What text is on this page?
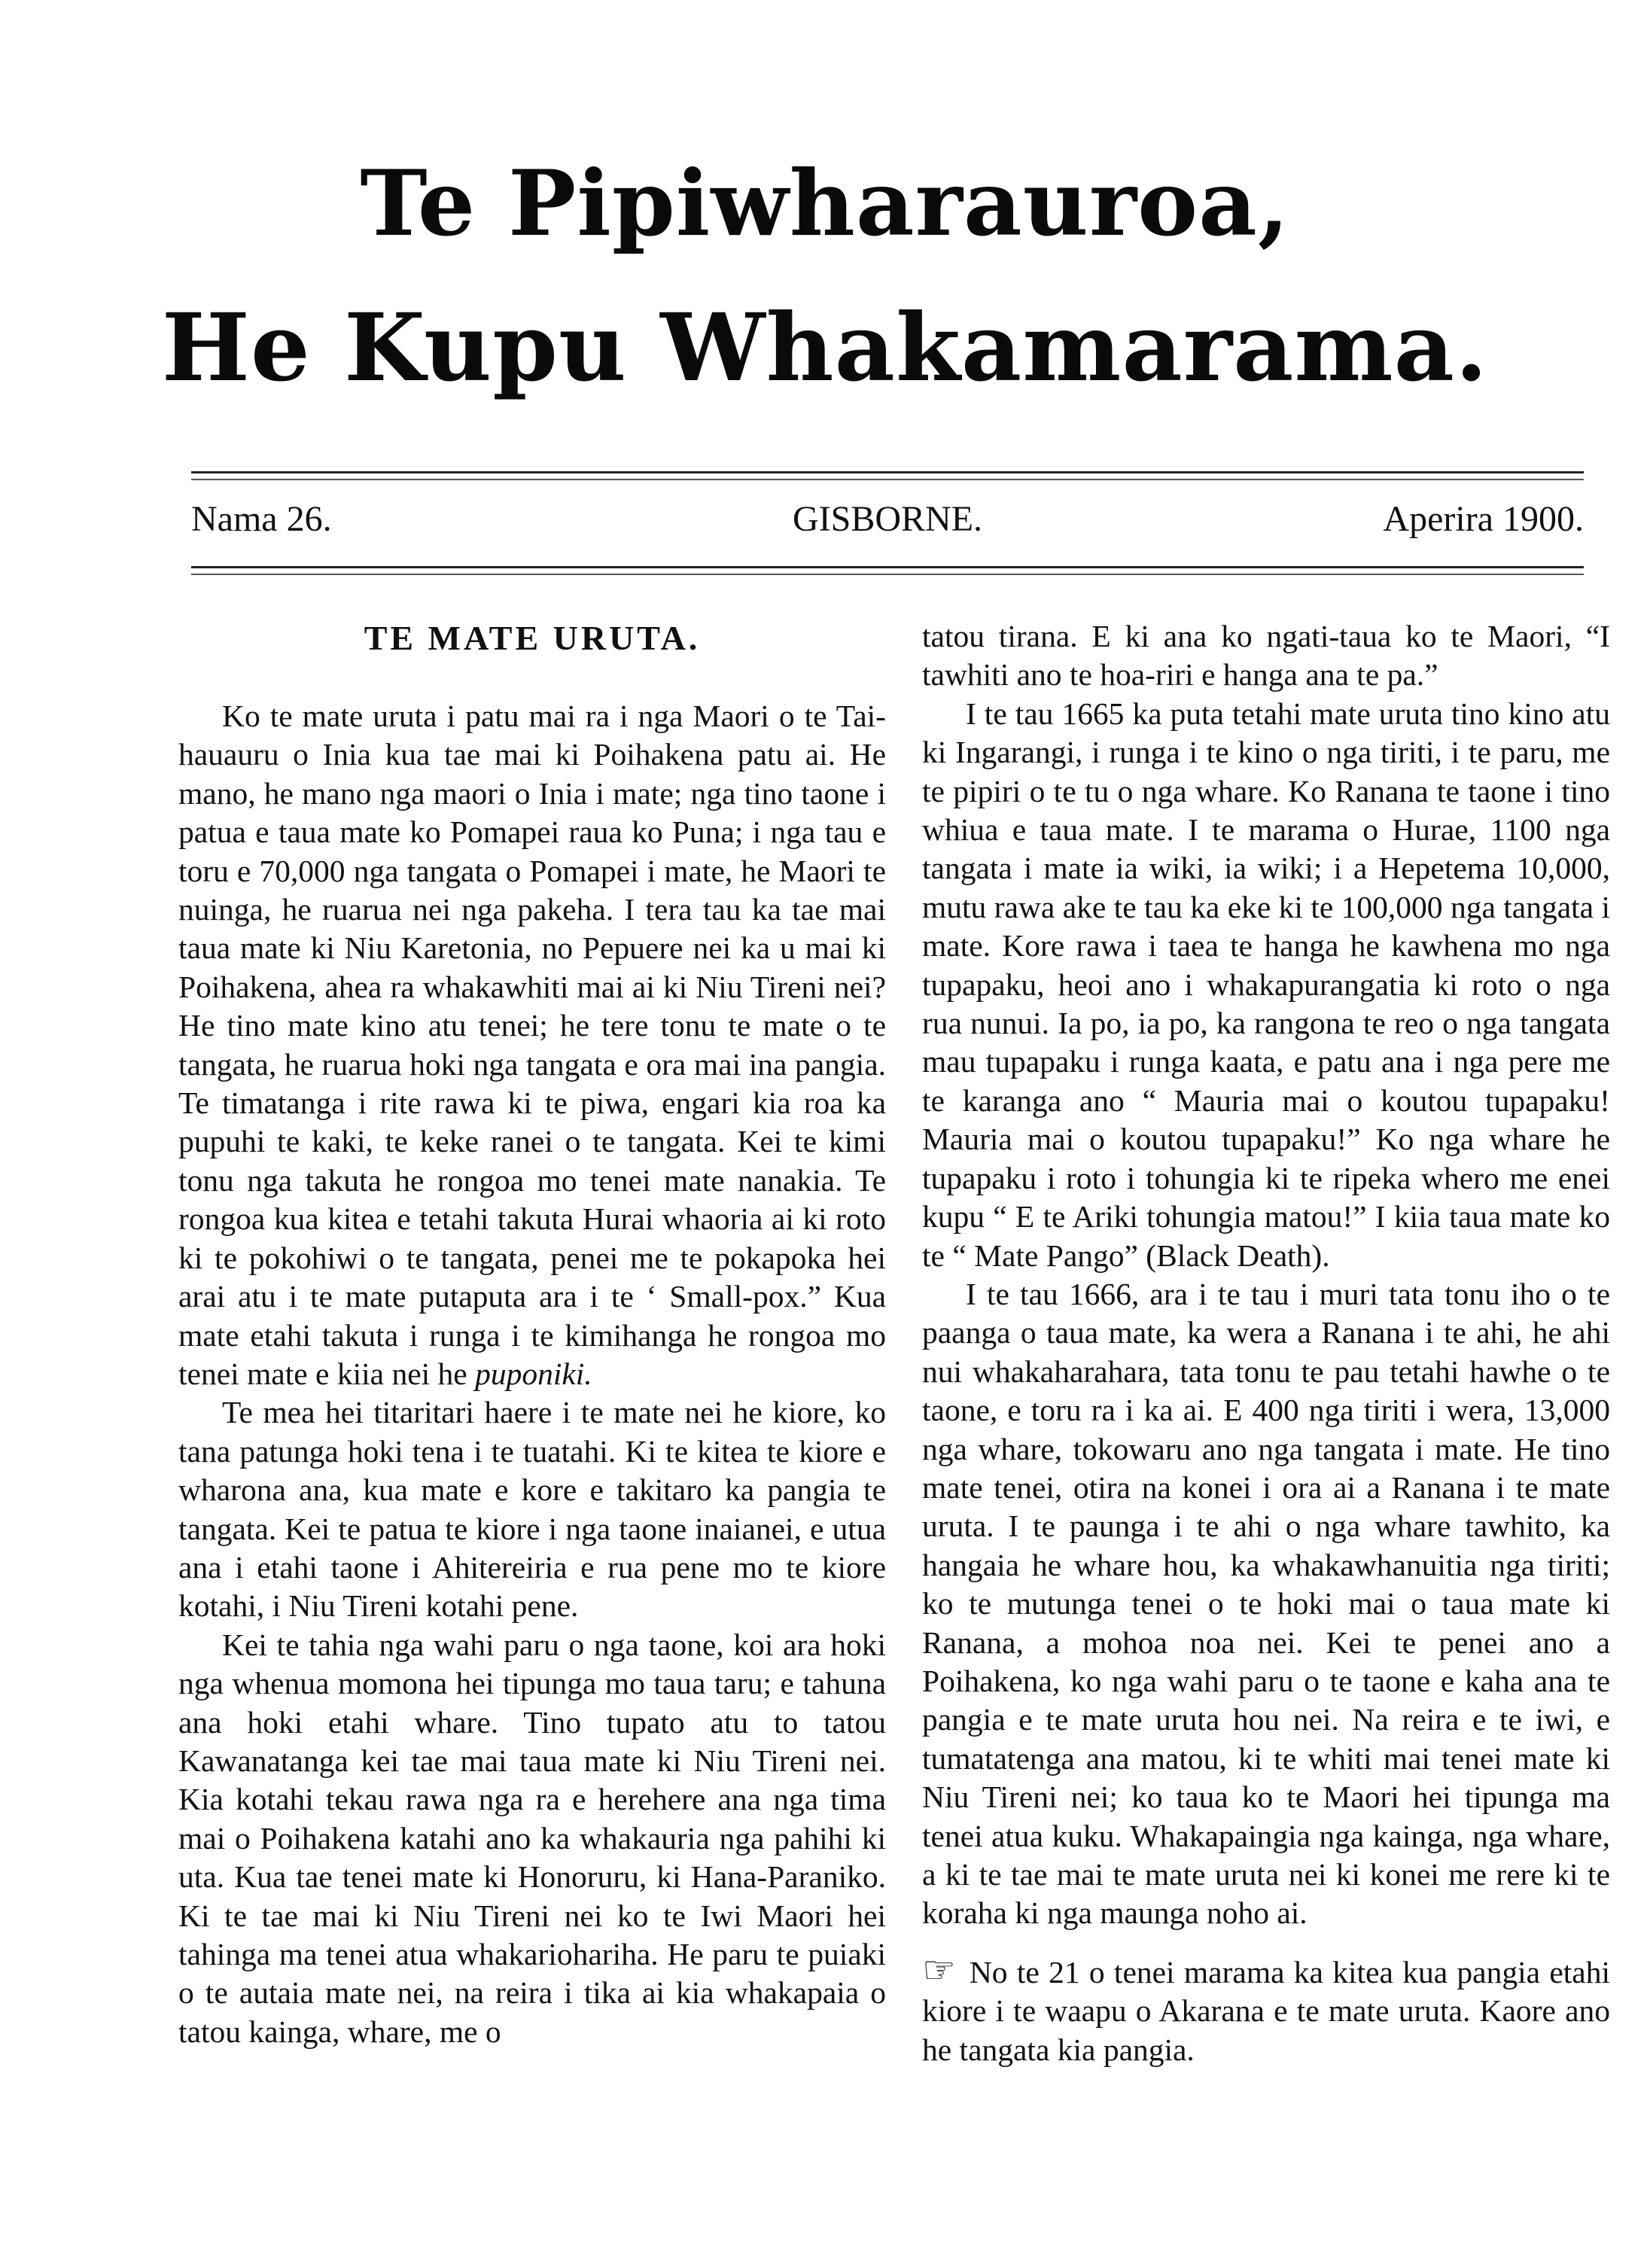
Te Pipiwharauroa,
He Kupu Whakamarama.
Nama 26.	GISBORNE.	Aperira 1900.
TE MATE URUTA.

Ko te mate uruta i patu mai ra i nga Maori o te Tai-hauauru o Inia kua tae mai ki Poihakena patu ai. He mano, he mano nga maori o Inia i mate; nga tino taone i patua e taua mate ko Pomapei raua ko Puna; i nga tau e toru e 70,000 nga tangata o Pomapei i mate, he Maori te nuinga, he ruarua nei nga pakeha. I tera tau ka tae mai taua mate ki Niu Karetonia, no Pepuere nei ka u mai ki Poihakena, ahea ra whakawhiti mai ai ki Niu Tireni nei? He tino mate kino atu tenei; he tere tonu te mate o te tangata, he ruarua hoki nga tangata e ora mai ina pangia. Te timatanga i rite rawa ki te piwa, engari kia roa ka pupuhi te kaki, te keke ranei o te tangata. Kei te kimi tonu nga takuta he rongoa mo tenei mate nanakia. Te rongoa kua kitea e tetahi takuta Hurai whaoria ai ki roto ki te pokohiwi o te tangata, penei me te pokapoka hei arai atu i te mate putaputa ara i te ‘ Small-pox.” Kua mate etahi takuta i runga i te kimihanga he rongoa mo tenei mate e kiia nei he puponiki.

Te mea hei titaritari haere i te mate nei he kiore, ko tana patunga hoki tena i te tuatahi. Ki te kitea te kiore e wharona ana, kua mate e kore e takitaro ka pangia te tangata. Kei te patua te kiore i nga taone inaianei, e utua ana i etahi taone i Ahitereiria e rua pene mo te kiore kotahi, i Niu Tireni kotahi pene.

Kei te tahia nga wahi paru o nga taone, koi ara hoki nga whenua momona hei tipunga mo taua taru; e tahuna ana hoki etahi whare. Tino tupato atu to tatou Kawanatanga kei tae mai taua mate ki Niu Tireni nei. Kia kotahi tekau rawa nga ra e herehere ana nga tima mai o Poihakena katahi ano ka whakauria nga pahihi ki uta. Kua tae tenei mate ki Honoruru, ki Hana-Paraniko. Ki te tae mai ki Niu Tireni nei ko te Iwi Maori hei tahinga ma tenei atua whakariohariha. He paru te puiaki o te autaia mate nei, na reira i tika ai kia whakapaia o tatou kainga, whare, me o

tatou tirana. E ki ana ko ngati-taua ko te Maori, “I tawhiti ano te hoa-riri e hanga ana te pa.”

I te tau 1665 ka puta tetahi mate uruta tino kino atu ki Ingarangi, i runga i te kino o nga tiriti, i te paru, me te pipiri o te tu o nga whare. Ko Ranana te taone i tino whiua e taua mate. I te marama o Hurae, 1100 nga tangata i mate ia wiki, ia wiki; i a Hepetema 10,000, mutu rawa ake te tau ka eke ki te 100,000 nga tangata i mate. Kore rawa i taea te hanga he kawhena mo nga tupapaku, heoi ano i whakapurangatia ki roto o nga rua nunui. Ia po, ia po, ka rangona te reo o nga tangata mau tupapaku i runga kaata, e patu ana i nga pere me te karanga ano “ Mauria mai o koutou tupapaku! Mauria mai o koutou tupapaku!” Ko nga whare he tupapaku i roto i tohungia ki te ripeka whero me enei kupu “ E te Ariki tohungia matou!” I kiia taua mate ko te “ Mate Pango” (Black Death).

I te tau 1666, ara i te tau i muri tata tonu iho o te paanga o taua mate, ka wera a Ranana i te ahi, he ahi nui whakaharahara, tata tonu te pau tetahi hawhe o te taone, e toru ra i ka ai. E 400 nga tiriti i wera, 13,000 nga whare, tokowaru ano nga tangata i mate. He tino mate tenei, otira na konei i ora ai a Ranana i te mate uruta. I te paunga i te ahi o nga whare tawhito, ka hangaia he whare hou, ka whakawhanuitia nga tiriti; ko te mutunga tenei o te hoki mai o taua mate ki Ranana, a mohoa noa nei. Kei te penei ano a Poihakena, ko nga wahi paru o te taone e kaha ana te pangia e te mate uruta hou nei. Na reira e te iwi, e tumatatenga ana matou, ki te whiti mai tenei mate ki Niu Tireni nei; ko taua ko te Maori hei tipunga ma tenei atua kuku. Whakapaingia nga kainga, nga whare, a ki te tae mai te mate uruta nei ki konei me rere ki te koraha ki nga maunga noho ai.

☞ No te 21 o tenei marama ka kitea kua pangia etahi kiore i te waapu o Akarana e te mate uruta. Kaore ano he tangata kia pangia.
